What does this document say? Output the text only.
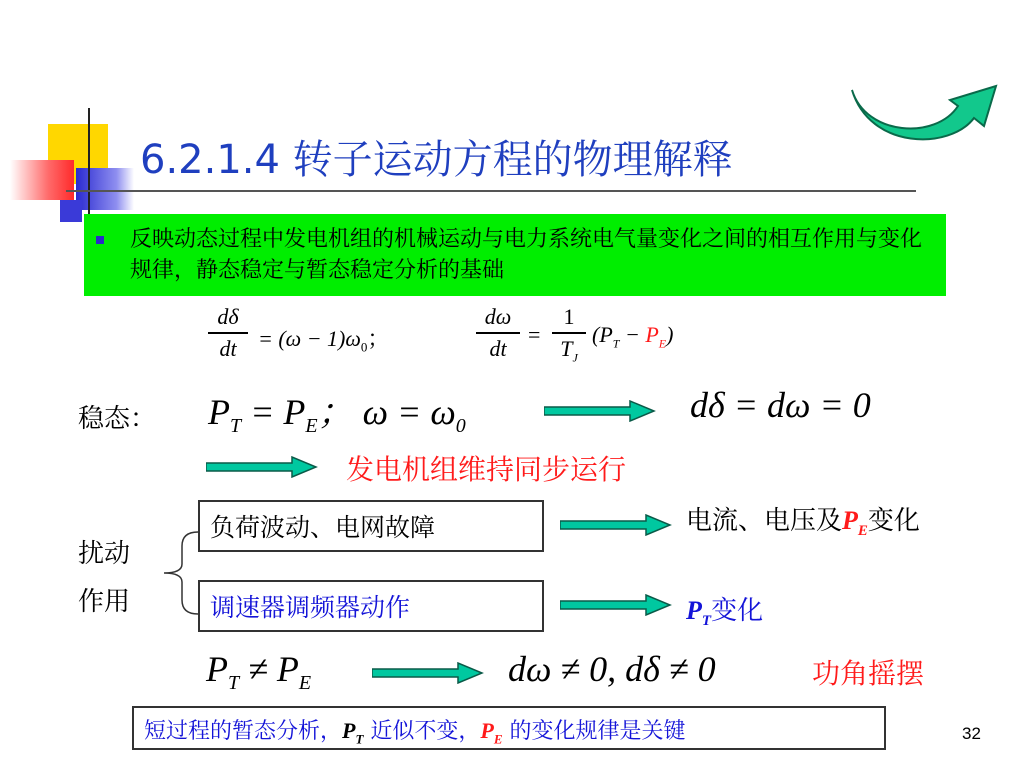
6.2.1.4 转子运动方程的物理解释
反映动态过程中发电机组的机械运动与电力系统电气量变化之间的相互作用与变化规律，静态稳定与暂态稳定分析的基础
dδ
dt = $(\omega - 1)\omega_0$；
dω
dt
=
1
$T_J$
$(P_T - P_E)$
稳态： $P_T = P_E$； $\omega = \omega_0$
dδ = dω = 0
发电机组维持同步运行
扰动
作用
负荷波动、电网故障	电流、电压及$P_E$变化
调速器调频器动作	$P_T$变化
$P_T \ne P_E$	dω ≠ 0, dδ ≠ 0	功角摇摆
短过程的暂态分析，$P_T$ 近似不变，$P_E$ 的变化规律是关键	32
